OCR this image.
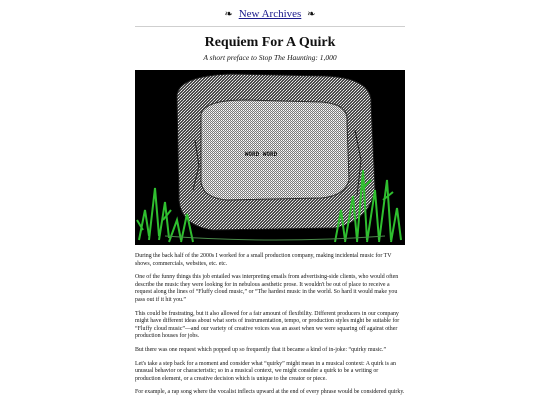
❧ New Archives ❧
Requiem For A Quirk
A short preface to Stop The Haunting: 1,000
WORD WORD

During the back half of the 2000s I worked for a small production company, making incidental music for TV shows, commercials, websites, etc. etc.

One of the funny things this job entailed was interpreting emails from advertising-side clients, who would often describe the music they were looking for in nebulous aesthetic prose. It wouldn't be out of place to receive a request along the lines of “Fluffy cloud music,” or “The hardest music in the world. So hard it would make you pass out if it hit you.”

This could be frustrating, but it also allowed for a fair amount of flexibility. Different producers in our company might have different ideas about what sorts of instrumentation, tempo, or production styles might be suitable for “Fluffy cloud music”—and our variety of creative voices was an asset when we were squaring off against other production houses for jobs.

But there was one request which popped up so frequently that it became a kind of in-joke: “quirky music.”

Let's take a step back for a moment and consider what “quirky” might mean in a musical context: A quirk is an unusual behavior or characteristic; so in a musical context, we might consider a quirk to be a writing or production element, or a creative decision which is unique to the creator or piece.

For example, a rap song where the vocalist inflects upward at the end of every phrase would be considered quirky.
